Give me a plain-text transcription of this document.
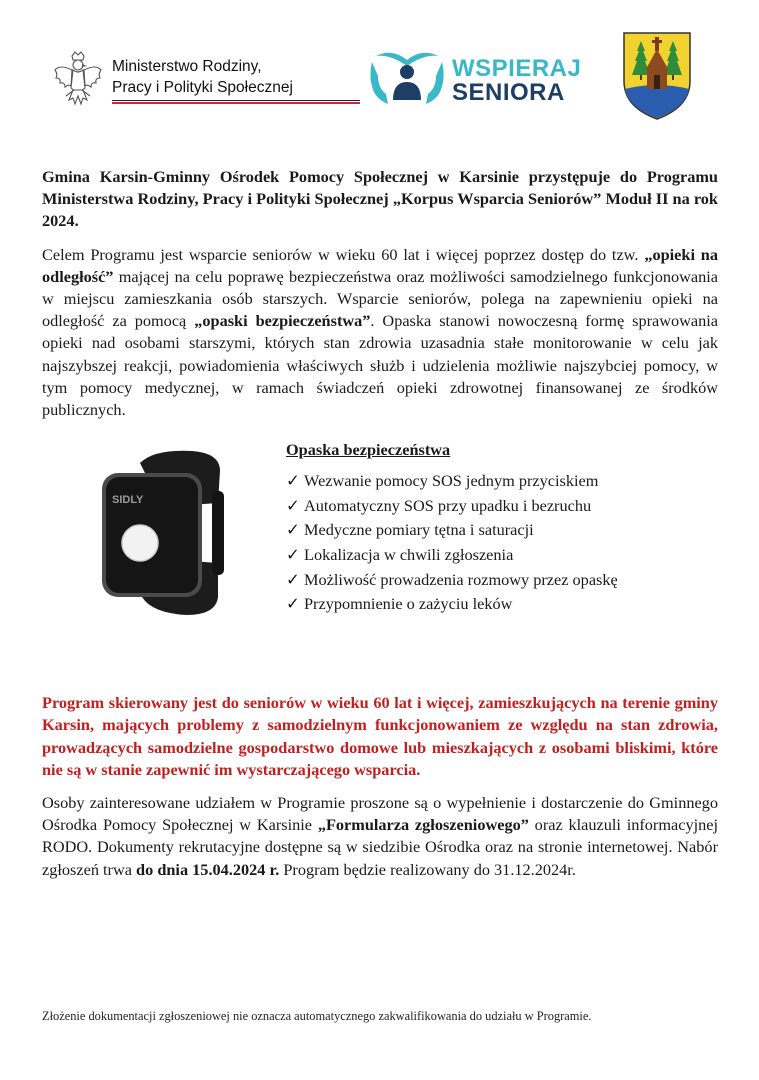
Ministerstwo Rodziny,
Pracy i Polityki Społecznej
WSPIERAJ
SENIORA

Gmina Karsin-Gminny Ośrodek Pomocy Społecznej w Karsinie przystępuje do Programu Ministerstwa Rodziny, Pracy i Polityki Społecznej „Korpus Wsparcia Seniorów” Moduł II na rok 2024.

Celem Programu jest wsparcie seniorów w wieku 60 lat i więcej poprzez dostęp do tzw. „opieki na odległość” mającej na celu poprawę bezpieczeństwa oraz możliwości samodzielnego funkcjonowania w miejscu zamieszkania osób starszych. Wsparcie seniorów, polega na zapewnieniu opieki na odległość za pomocą „opaski bezpieczeństwa”. Opaska stanowi nowoczesną formę sprawowania opieki nad osobami starszymi, których stan zdrowia uzasadnia stałe monitorowanie w celu jak najszybszej reakcji, powiadomienia właściwych służb i udzielenia możliwie najszybciej pomocy, w tym pomocy medycznej, w ramach świadczeń opieki zdrowotnej finansowanej ze środków publicznych.

SIDLY
Opaska bezpieczeństwa
✓ Wezwanie pomocy SOS jednym przyciskiem
✓ Automatyczny SOS przy upadku i bezruchu
✓ Medyczne pomiary tętna i saturacji
✓ Lokalizacja w chwili zgłoszenia
✓ Możliwość prowadzenia rozmowy przez opaskę
✓ Przypomnienie o zażyciu leków

Program skierowany jest do seniorów w wieku 60 lat i więcej, zamieszkujących na terenie gminy Karsin, mających problemy z samodzielnym funkcjonowaniem ze względu na stan zdrowia, prowadzących samodzielne gospodarstwo domowe lub mieszkających z osobami bliskimi, które nie są w stanie zapewnić im wystarczającego wsparcia.

Osoby zainteresowane udziałem w Programie proszone są o wypełnienie i dostarczenie do Gminnego Ośrodka Pomocy Społecznej w Karsinie „Formularza zgłoszeniowego” oraz klauzuli informacyjnej RODO. Dokumenty rekrutacyjne dostępne są w siedzibie Ośrodka oraz na stronie internetowej. Nabór zgłoszeń trwa do dnia 15.04.2024 r. Program będzie realizowany do 31.12.2024r.

Złożenie dokumentacji zgłoszeniowej nie oznacza automatycznego zakwalifikowania do udziału w Programie.
